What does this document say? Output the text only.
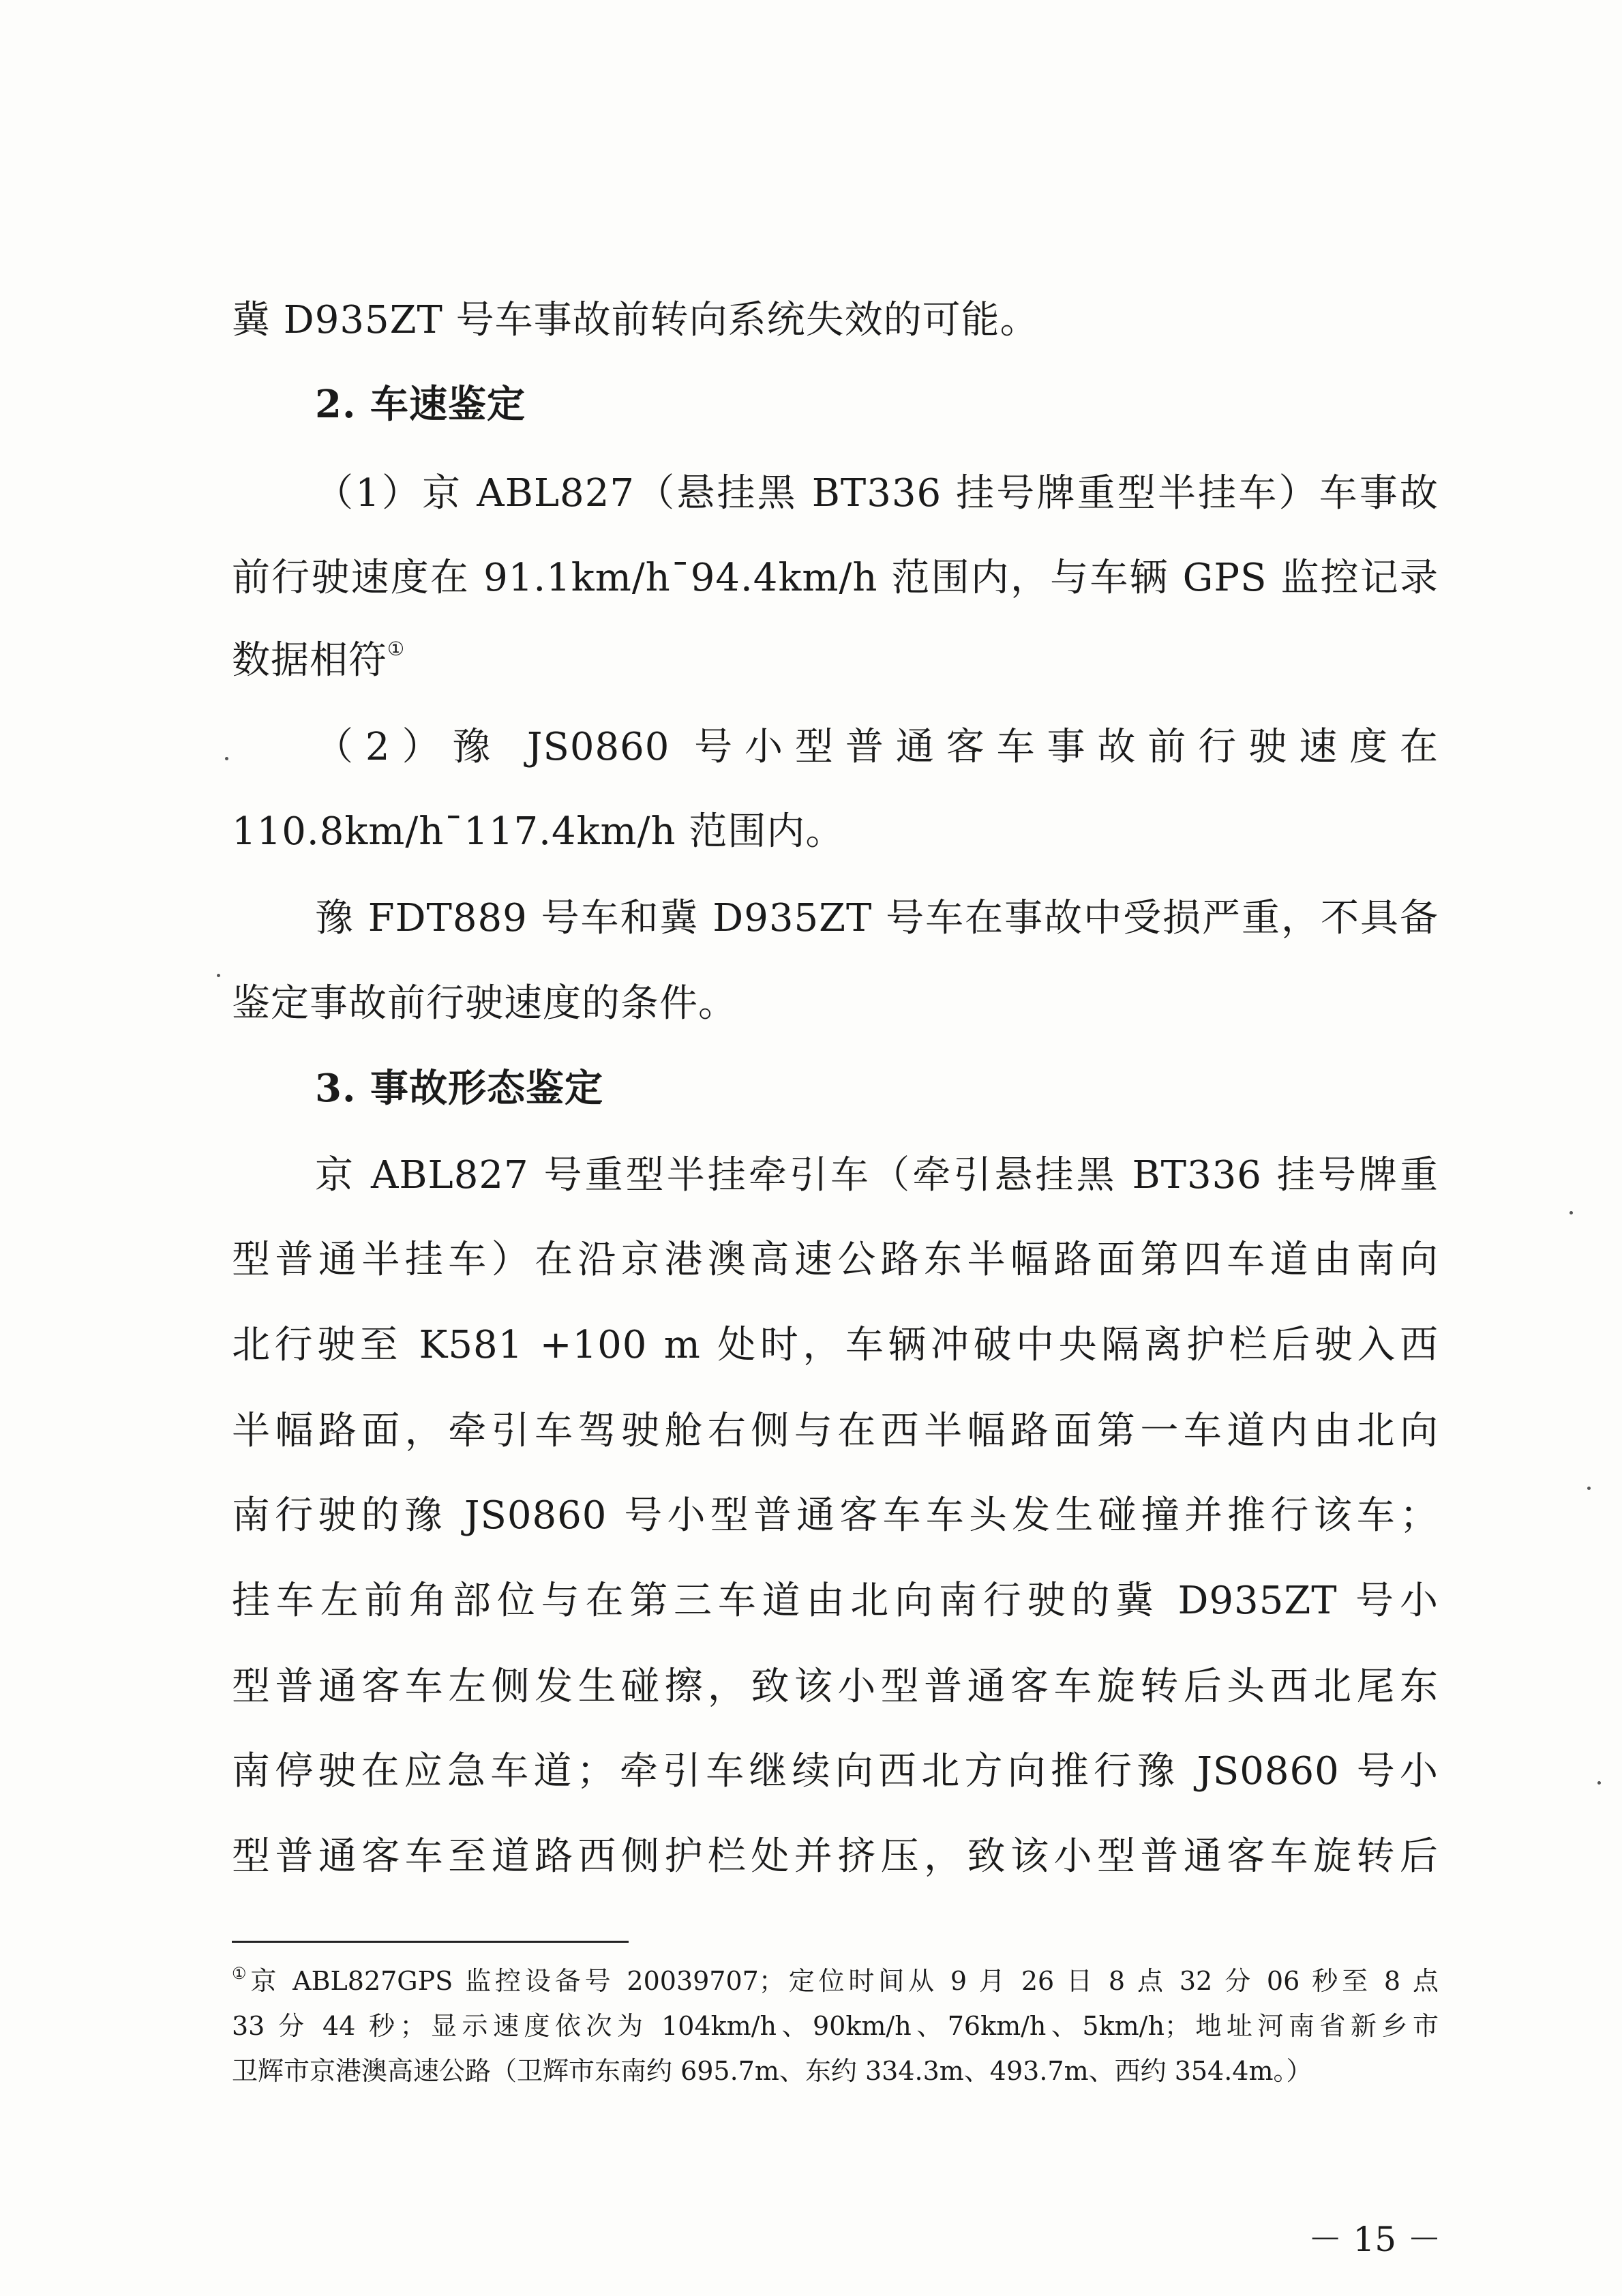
冀 D935ZT 号车事故前转向系统失效的可能。
2. 车速鉴定
（1）京 ABL827（悬挂黑 BT336 挂号牌重型半挂车）车事故
前行驶速度在 91.1km/h¯94.4km/h 范围内，与车辆 GPS 监控记录
数据相符①
（2）豫 JS0860 号小型普通客车事故前行驶速度在
110.8km/h¯117.4km/h 范围内。
豫 FDT889 号车和冀 D935ZT 号车在事故中受损严重，不具备
鉴定事故前行驶速度的条件。
3. 事故形态鉴定
京 ABL827 号重型半挂牵引车（牵引悬挂黑 BT336 挂号牌重
型普通半挂车）在沿京港澳高速公路东半幅路面第四车道由南向
北行驶至 K581 +100 m 处时，车辆冲破中央隔离护栏后驶入西
半幅路面，牵引车驾驶舱右侧与在西半幅路面第一车道内由北向
南行驶的豫 JS0860 号小型普通客车车头发生碰撞并推行该车；
挂车左前角部位与在第三车道由北向南行驶的冀 D935ZT 号小
型普通客车左侧发生碰擦，致该小型普通客车旋转后头西北尾东
南停驶在应急车道；牵引车继续向西北方向推行豫 JS0860 号小
型普通客车至道路西侧护栏处并挤压，致该小型普通客车旋转后
①京 ABL827GPS 监控设备号 20039707；定位时间从 9 月 26 日 8 点 32 分 06 秒至 8 点
33 分 44 秒；显示速度依次为 104km/h、90km/h、76km/h、5km/h；地址河南省新乡市
卫辉市京港澳高速公路（卫辉市东南约 695.7m、东约 334.3m、493.7m、西约 354.4m。）
－ 15 －
